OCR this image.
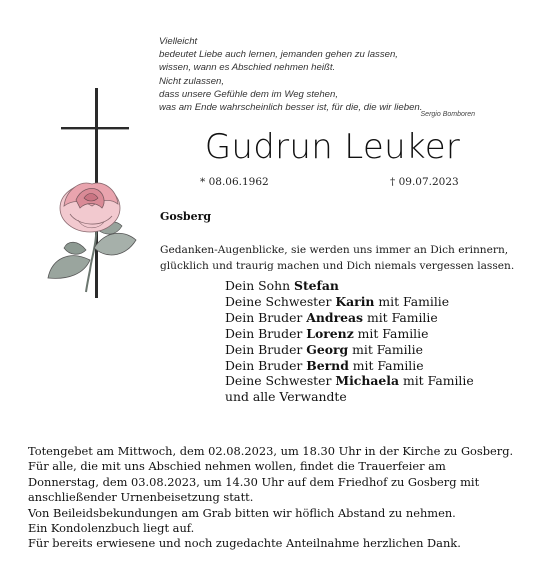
Vielleicht
bedeutet Liebe auch lernen, jemanden gehen zu lassen,
wissen, wann es Abschied nehmen heißt.
Nicht zulassen,
dass unsere Gefühle dem im Weg stehen,
was am Ende wahrscheinlich besser ist, für die, die wir lieben.
Sergio Bomboren
Gudrun Leuker
* 08.06.1962	† 09.07.2023
Gosberg
Gedanken-Augenblicke, sie werden uns immer an Dich erinnern,
glücklich und traurig machen und Dich niemals vergessen lassen.
Dein Sohn Stefan
Deine Schwester Karin mit Familie
Dein Bruder Andreas mit Familie
Dein Bruder Lorenz mit Familie
Dein Bruder Georg mit Familie
Dein Bruder Bernd mit Familie
Deine Schwester Michaela mit Familie
und alle Verwandte
Totengebet am Mittwoch, dem 02.08.2023, um 18.30 Uhr in der Kirche zu Gosberg.
Für alle, die mit uns Abschied nehmen wollen, findet die Trauerfeier am
Donnerstag, dem 03.08.2023, um 14.30 Uhr auf dem Friedhof zu Gosberg mit
anschließender Urnenbeisetzung statt.
Von Beileidsbekundungen am Grab bitten wir höflich Abstand zu nehmen.
Ein Kondolenzbuch liegt auf.
Für bereits erwiesene und noch zugedachte Anteilnahme herzlichen Dank.
